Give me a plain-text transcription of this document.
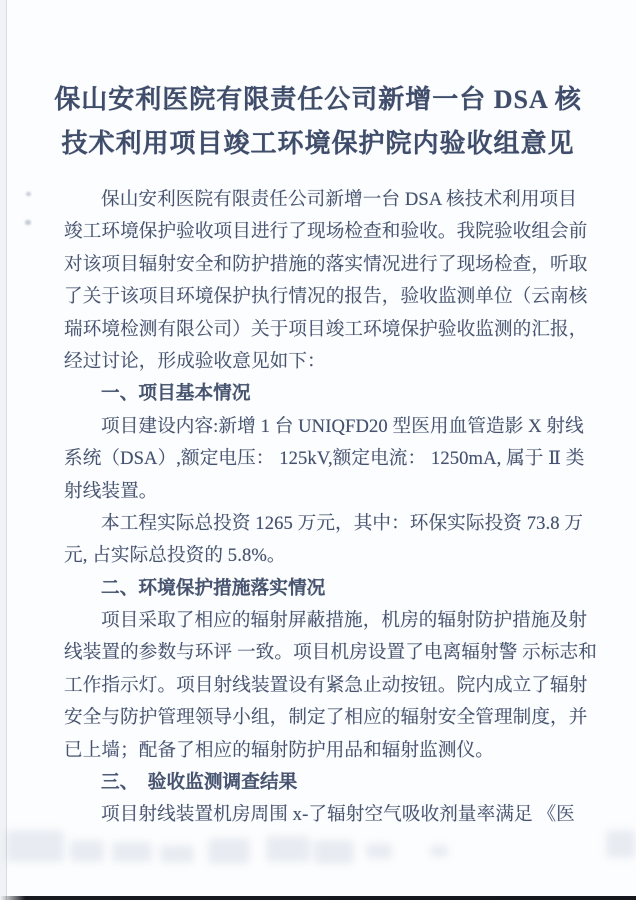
保山安利医院有限责任公司新增一台 DSA 核
技术利用项目竣工环境保护院内验收组意见
保山安利医院有限责任公司新增一台 DSA 核技术利用项目
竣工环境保护验收项目进行了现场检查和验收。我院验收组会前
对该项目辐射安全和防护措施的落实情况进行了现场检查，听取
了关于该项目环境保护执行情况的报告，验收监测单位（云南核
瑞环境检测有限公司）关于项目竣工环境保护验收监测的汇报，
经过讨论，形成验收意见如下：
一、项目基本情况
项目建设内容:新增 1 台 UNIQFD20 型医用血管造影 X 射线
系统（DSA）,额定电压： 125kV,额定电流： 1250mA, 属于 Ⅱ 类
射线装置。
本工程实际总投资 1265 万元，其中：环保实际投资 73.8 万
元, 占实际总投资的 5.8%。
二、环境保护措施落实情况
项目采取了相应的辐射屏蔽措施，机房的辐射防护措施及射
线装置的参数与环评 一致。项目机房设置了电离辐射警 示标志和
工作指示灯。项目射线装置设有紧急止动按钮。院内成立了辐射
安全与防护管理领导小组，制定了相应的辐射安全管理制度，并
已上墙；配备了相应的辐射防护用品和辐射监测仪。
三、　验收监测调查结果
项目射线装置机房周围 x-了辐射空气吸收剂量率满足 《医
